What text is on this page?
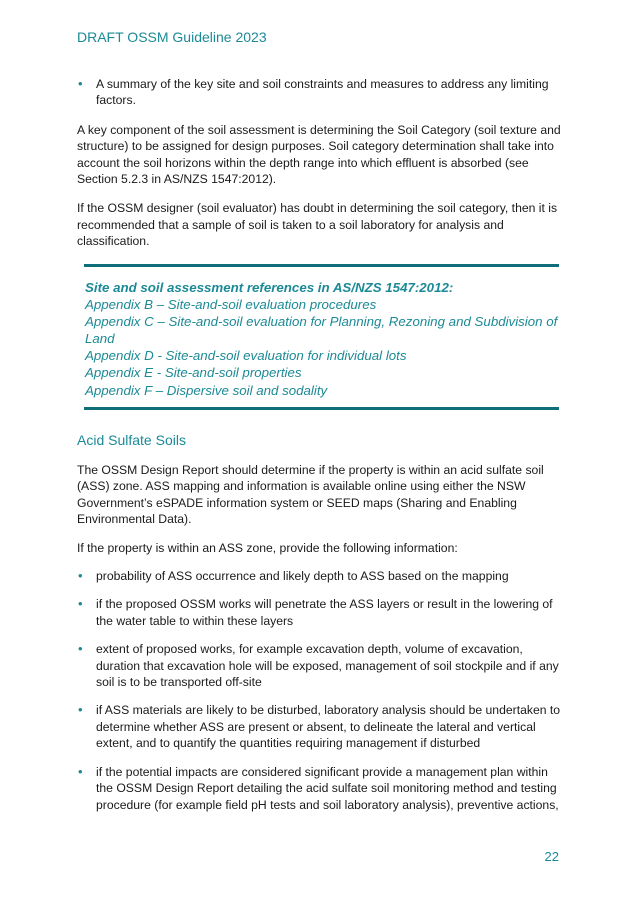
DRAFT OSSM Guideline 2023
• A summary of the key site and soil constraints and measures to address any limiting factors.

A key component of the soil assessment is determining the Soil Category (soil texture and structure) to be assigned for design purposes. Soil category determination shall take into account the soil horizons within the depth range into which effluent is absorbed (see Section 5.2.3 in AS/NZS 1547:2012).

If the OSSM designer (soil evaluator) has doubt in determining the soil category, then it is recommended that a sample of soil is taken to a soil laboratory for analysis and classification.

Site and soil assessment references in AS/NZS 1547:2012:
Appendix B – Site-and-soil evaluation procedures
Appendix C – Site-and-soil evaluation for Planning, Rezoning and Subdivision of Land
Appendix D - Site-and-soil evaluation for individual lots
Appendix E - Site-and-soil properties
Appendix F – Dispersive soil and sodality
Acid Sulfate Soils

The OSSM Design Report should determine if the property is within an acid sulfate soil (ASS) zone. ASS mapping and information is available online using either the NSW Government’s eSPADE information system or SEED maps (Sharing and Enabling Environmental Data).

If the property is within an ASS zone, provide the following information:

• probability of ASS occurrence and likely depth to ASS based on the mapping
• if the proposed OSSM works will penetrate the ASS layers or result in the lowering of the water table to within these layers
• extent of proposed works, for example excavation depth, volume of excavation, duration that excavation hole will be exposed, management of soil stockpile and if any soil is to be transported off-site
• if ASS materials are likely to be disturbed, laboratory analysis should be undertaken to determine whether ASS are present or absent, to delineate the lateral and vertical extent, and to quantify the quantities requiring management if disturbed
• if the potential impacts are considered significant provide a management plan within the OSSM Design Report detailing the acid sulfate soil monitoring method and testing procedure (for example field pH tests and soil laboratory analysis), preventive actions,
22
